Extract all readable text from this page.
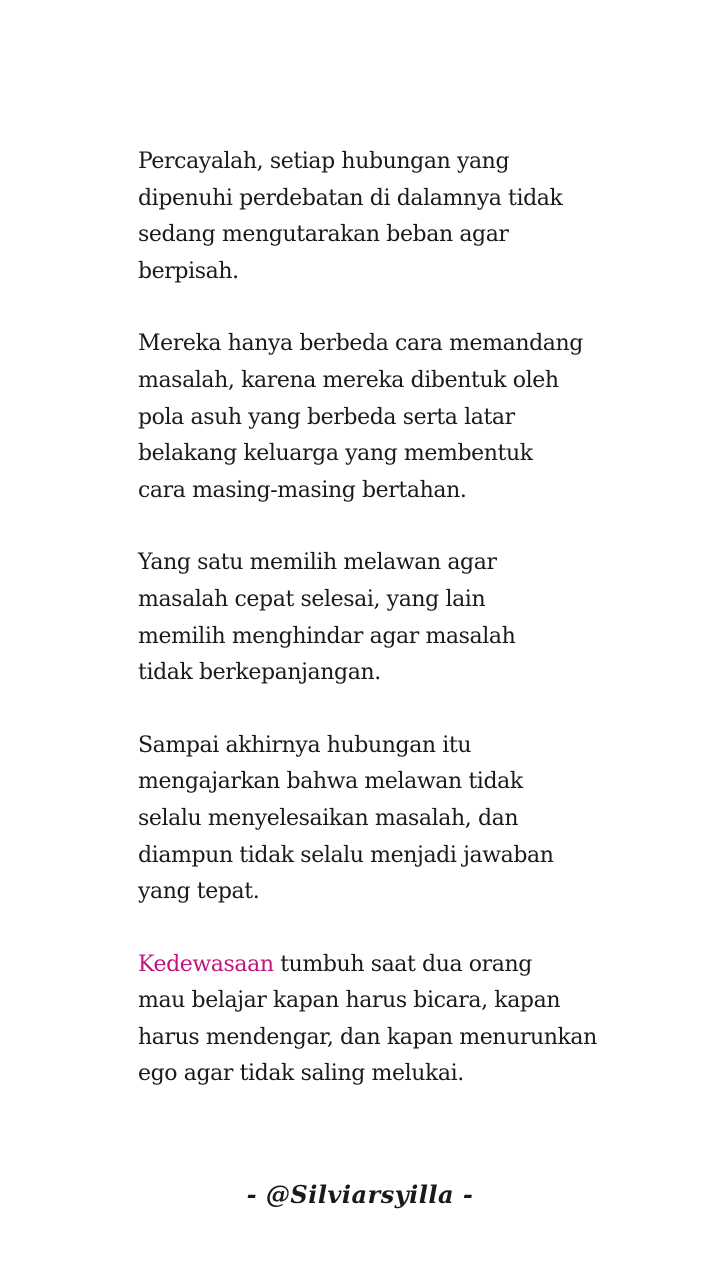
Percayalah, setiap hubungan yang
dipenuhi perdebatan di dalamnya tidak
sedang mengutarakan beban agar
berpisah.
Mereka hanya berbeda cara memandang
masalah, karena mereka dibentuk oleh
pola asuh yang berbeda serta latar
belakang keluarga yang membentuk
cara masing-masing bertahan.
Yang satu memilih melawan agar
masalah cepat selesai, yang lain
memilih menghindar agar masalah
tidak berkepanjangan.
Sampai akhirnya hubungan itu
mengajarkan bahwa melawan tidak
selalu menyelesaikan masalah, dan
diampun tidak selalu menjadi jawaban
yang tepat.
Kedewasaan tumbuh saat dua orang
mau belajar kapan harus bicara, kapan
harus mendengar, dan kapan menurunkan
ego agar tidak saling melukai.
- @Silviarsyilla -
